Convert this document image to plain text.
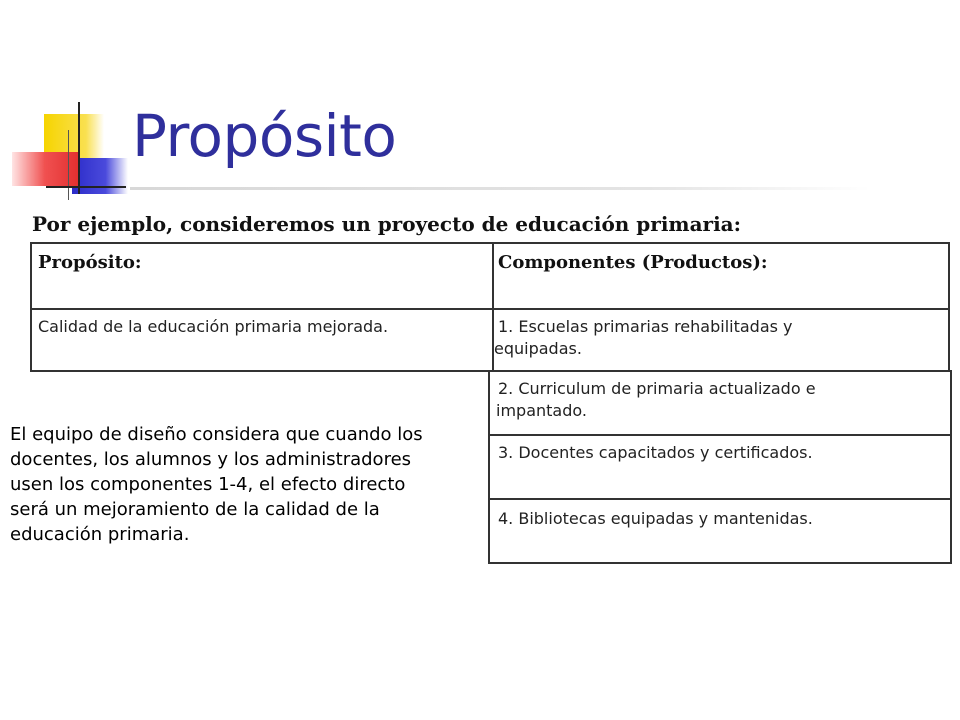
Propósito
Por ejemplo, consideremos un proyecto de educación primaria:
Propósito:	Componentes (Productos):
Calidad de la educación primaria mejorada.	1. Escuelas primarias rehabilitadas y
equipadas.
2. Curriculum de primaria actualizado e
impantado.
3. Docentes capacitados y certificados.
4. Bibliotecas equipadas y mantenidas.

El equipo de diseño considera que cuando los docentes, los alumnos y los administradores usen los componentes 1-4, el efecto directo será un mejoramiento de la calidad de la educación primaria.
